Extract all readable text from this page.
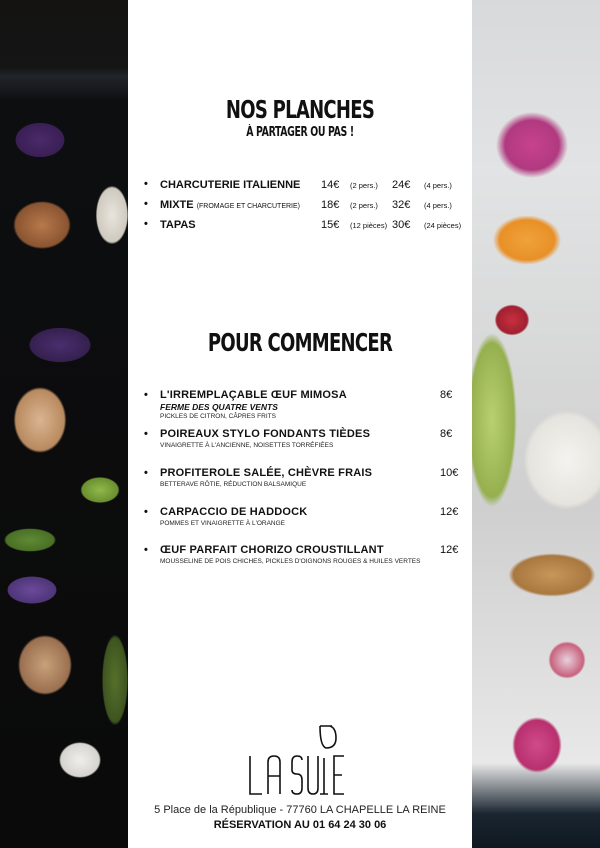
NOS PLANCHES
À PARTAGER OU PAS !
• CHARCUTERIE ITALIENNE 14€ (2 pers.) 24€ (4 pers.)
• MIXTE (FROMAGE ET CHARCUTERIE) 18€ (2 pers.) 32€ (4 pers.)
• TAPAS	15€ (12 pièces) 30€ (24 pièces)
POUR COMMENCER
• L'IRREMPLAÇABLE ŒUF MIMOSA
FERME DES QUATRE VENTS
PICKLES DE CITRON, CÂPRES FRITS
8€
• POIREAUX STYLO FONDANTS TIÈDES
VINAIGRETTE À L'ANCIENNE, NOISETTES TORRÉFIÉES
8€
• PROFITEROLE SALÉE, CHÈVRE FRAIS
BETTERAVE RÔTIE, RÉDUCTION BALSAMIQUE
10€
• CARPACCIO DE HADDOCK
POMMES ET VINAIGRETTE À L'ORANGE
12€
• ŒUF PARFAIT CHORIZO CROUSTILLANT
MOUSSELINE DE POIS CHICHES, PICKLES D'OIGNONS ROUGES & HUILES VERTES
12€
5 Place de la République - 77760 LA CHAPELLE LA REINE
RÉSERVATION AU 01 64 24 30 06
